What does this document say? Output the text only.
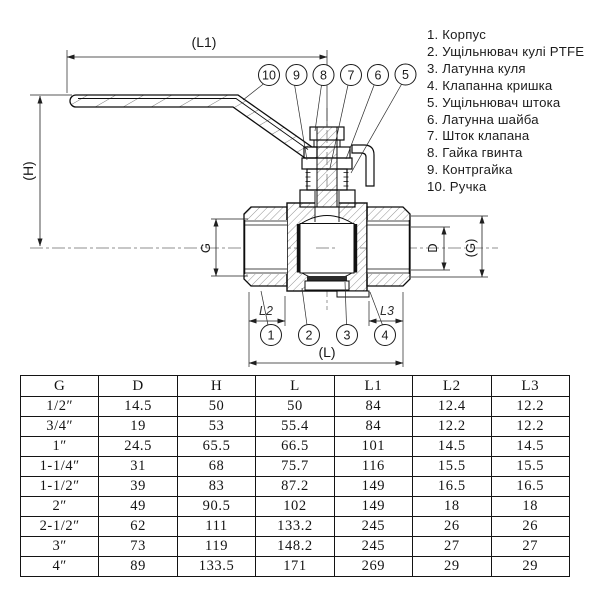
(L1)
(H)
G	D (G)
L2	L3
(L)
10 9 8 7 6 5
1 2 3 4
1. Корпус
2. Ущільнювач кулі PTFE
3. Латунна куля
4. Клапанна кришка
5. Ущільнювач штока
6. Латунна шайба
7. Шток клапана
8. Гайка гвинта
9. Контргайка
10. Ручка
G	D	H	L	L1	L2	L3
1/2″	14.5	50	50	84	12.4	12.2
3/4″	19	53	55.4	84	12.2	12.2
1″	24.5	65.5	66.5	101	14.5	14.5
1-1/4″	31	68	75.7	116	15.5	15.5
1-1/2″	39	83	87.2	149	16.5	16.5
2″	49	90.5	102	149	18	18
2-1/2″	62	111	133.2	245	26	26
3″	73	119	148.2	245	27	27
4″	89	133.5	171	269	29	29
